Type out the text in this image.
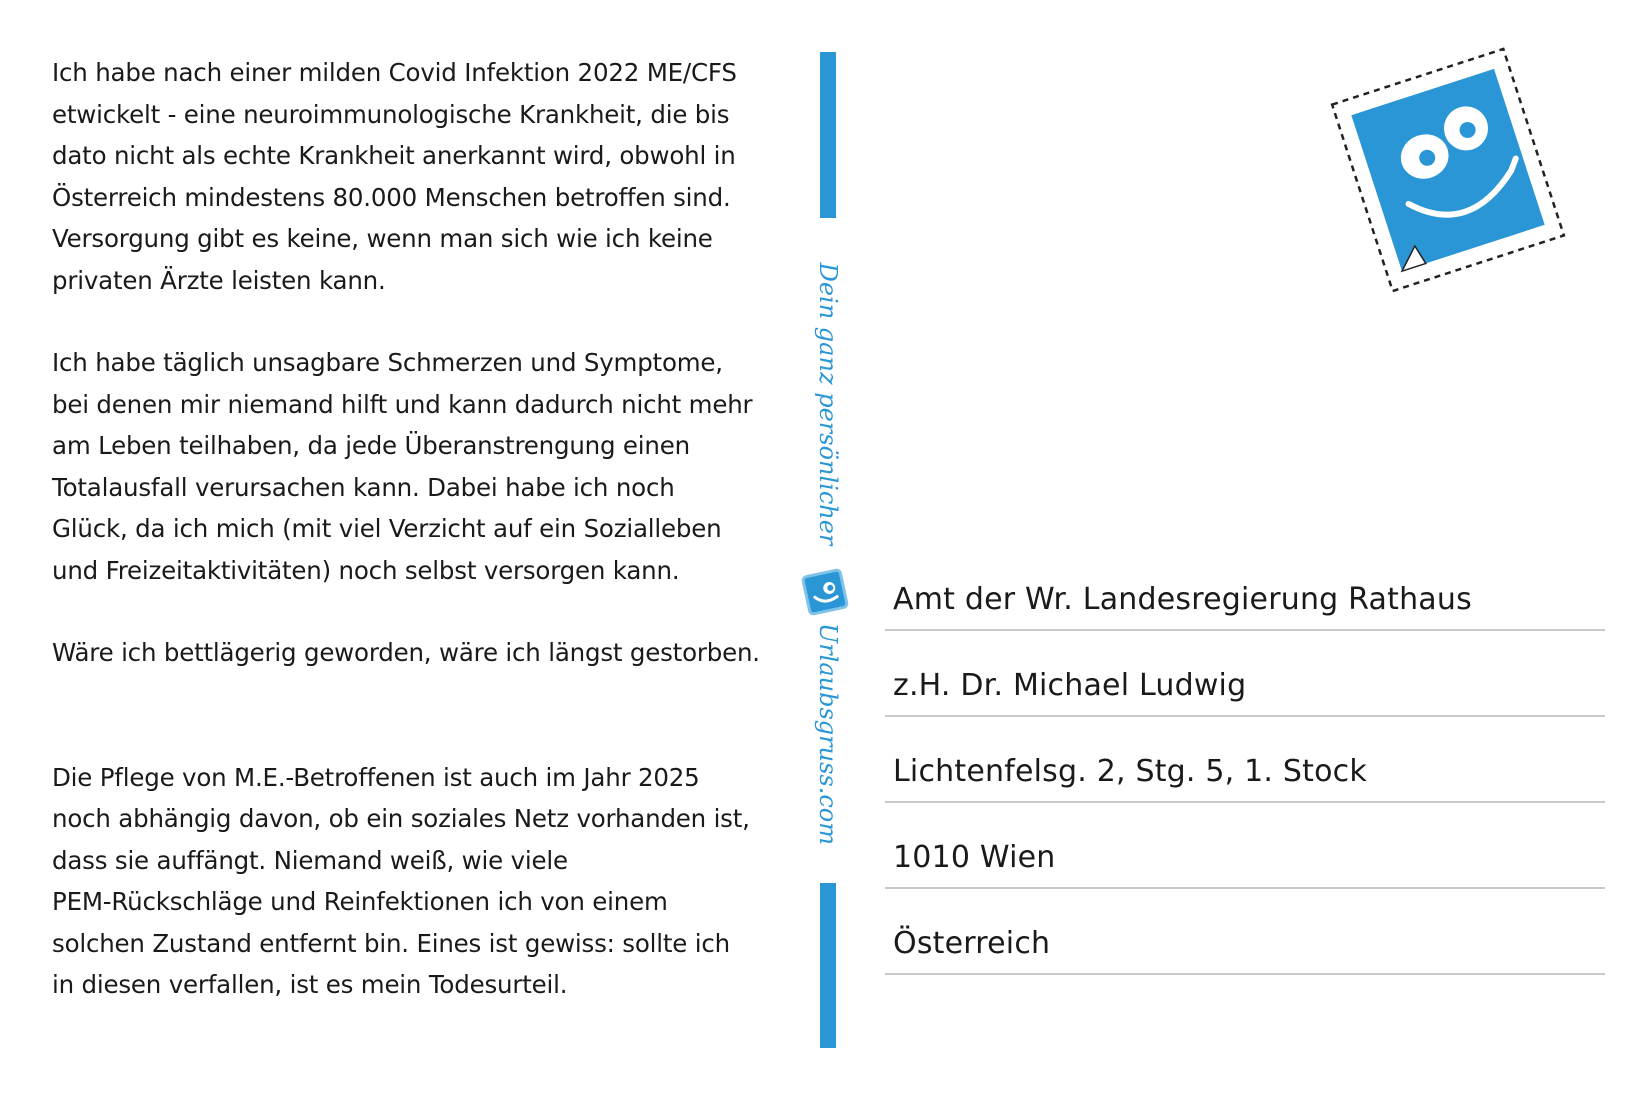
Ich habe nach einer milden Covid Infektion 2022 ME/CFS
etwickelt - eine neuroimmunologische Krankheit, die bis
dato nicht als echte Krankheit anerkannt wird, obwohl in
Österreich mindestens 80.000 Menschen betroffen sind.
Versorgung gibt es keine, wenn man sich wie ich keine
privaten Ärzte leisten kann.
Ich habe täglich unsagbare Schmerzen und Symptome,
bei denen mir niemand hilft und kann dadurch nicht mehr
am Leben teilhaben, da jede Überanstrengung einen
Totalausfall verursachen kann. Dabei habe ich noch
Glück, da ich mich (mit viel Verzicht auf ein Sozialleben
und Freizeitaktivitäten) noch selbst versorgen kann.
Wäre ich bettlägerig geworden, wäre ich längst gestorben.
Die Pflege von M.E.-Betroffenen ist auch im Jahr 2025
noch abhängig davon, ob ein soziales Netz vorhanden ist,
dass sie auffängt. Niemand weiß, wie viele
PEM-Rückschläge und Reinfektionen ich von einem
solchen Zustand entfernt bin. Eines ist gewiss: sollte ich
in diesen verfallen, ist es mein Todesurteil.
Dein ganz persönlicher
Urlaubsgruss.com
Amt der Wr. Landesregierung Rathaus
z.H. Dr. Michael Ludwig
Lichtenfelsg. 2, Stg. 5, 1. Stock
1010 Wien
Österreich
